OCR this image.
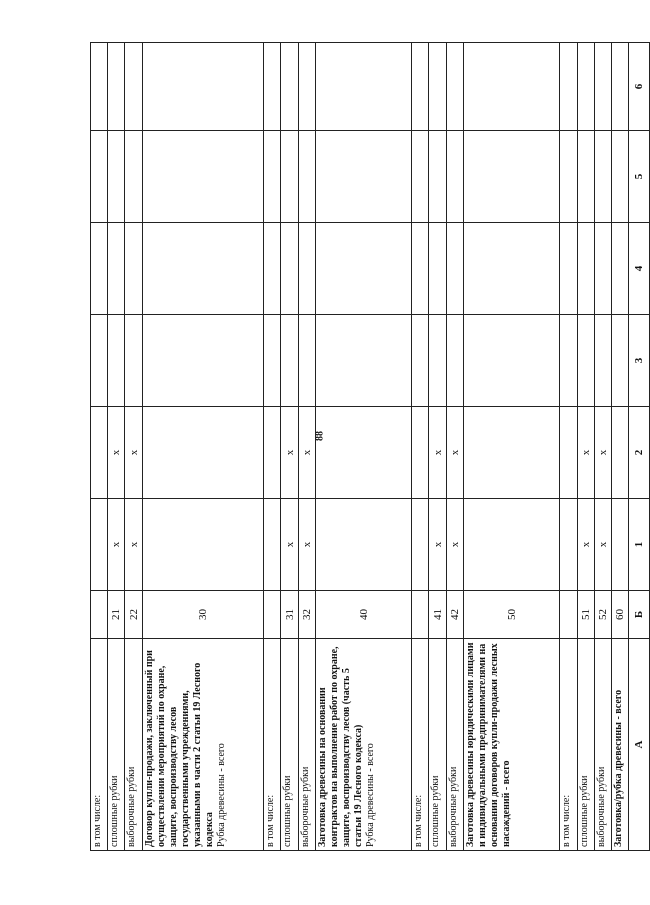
88
в том числе:							
сплошные рубки	21	x	x				
выборочные рубки	22	x	x				
Договор купли-продажи, заключенный при осуществлении мероприятий по охране, защите, воспроизводству лесов государственными учреждениями, указанными в части 2 статьи 19 Лесного кодекса
Рубка древесины - всего	30						
в том числе:							
сплошные рубки	31	x	x				
выборочные рубки	32	x	x				
Заготовка древесины на основании контрактов на выполнение работ по охране, защите, воспроизводству лесов (часть 5 статьи 19 Лесного кодекса)
Рубка древесины - всего	40						
в том числе:							
сплошные рубки	41	x	x				
выборочные рубки	42	x	x				
Заготовка древесины юридическими лицами и индивидуальными предпринимателями на основании договоров купли-продажи лесных насаждений - всего	50						
в том числе:							
сплошные рубки	51	x	x				
выборочные рубки	52	x	x				
Заготовка/рубка древесины - всего	60						
А	Б	1	2	3	4	5	6
